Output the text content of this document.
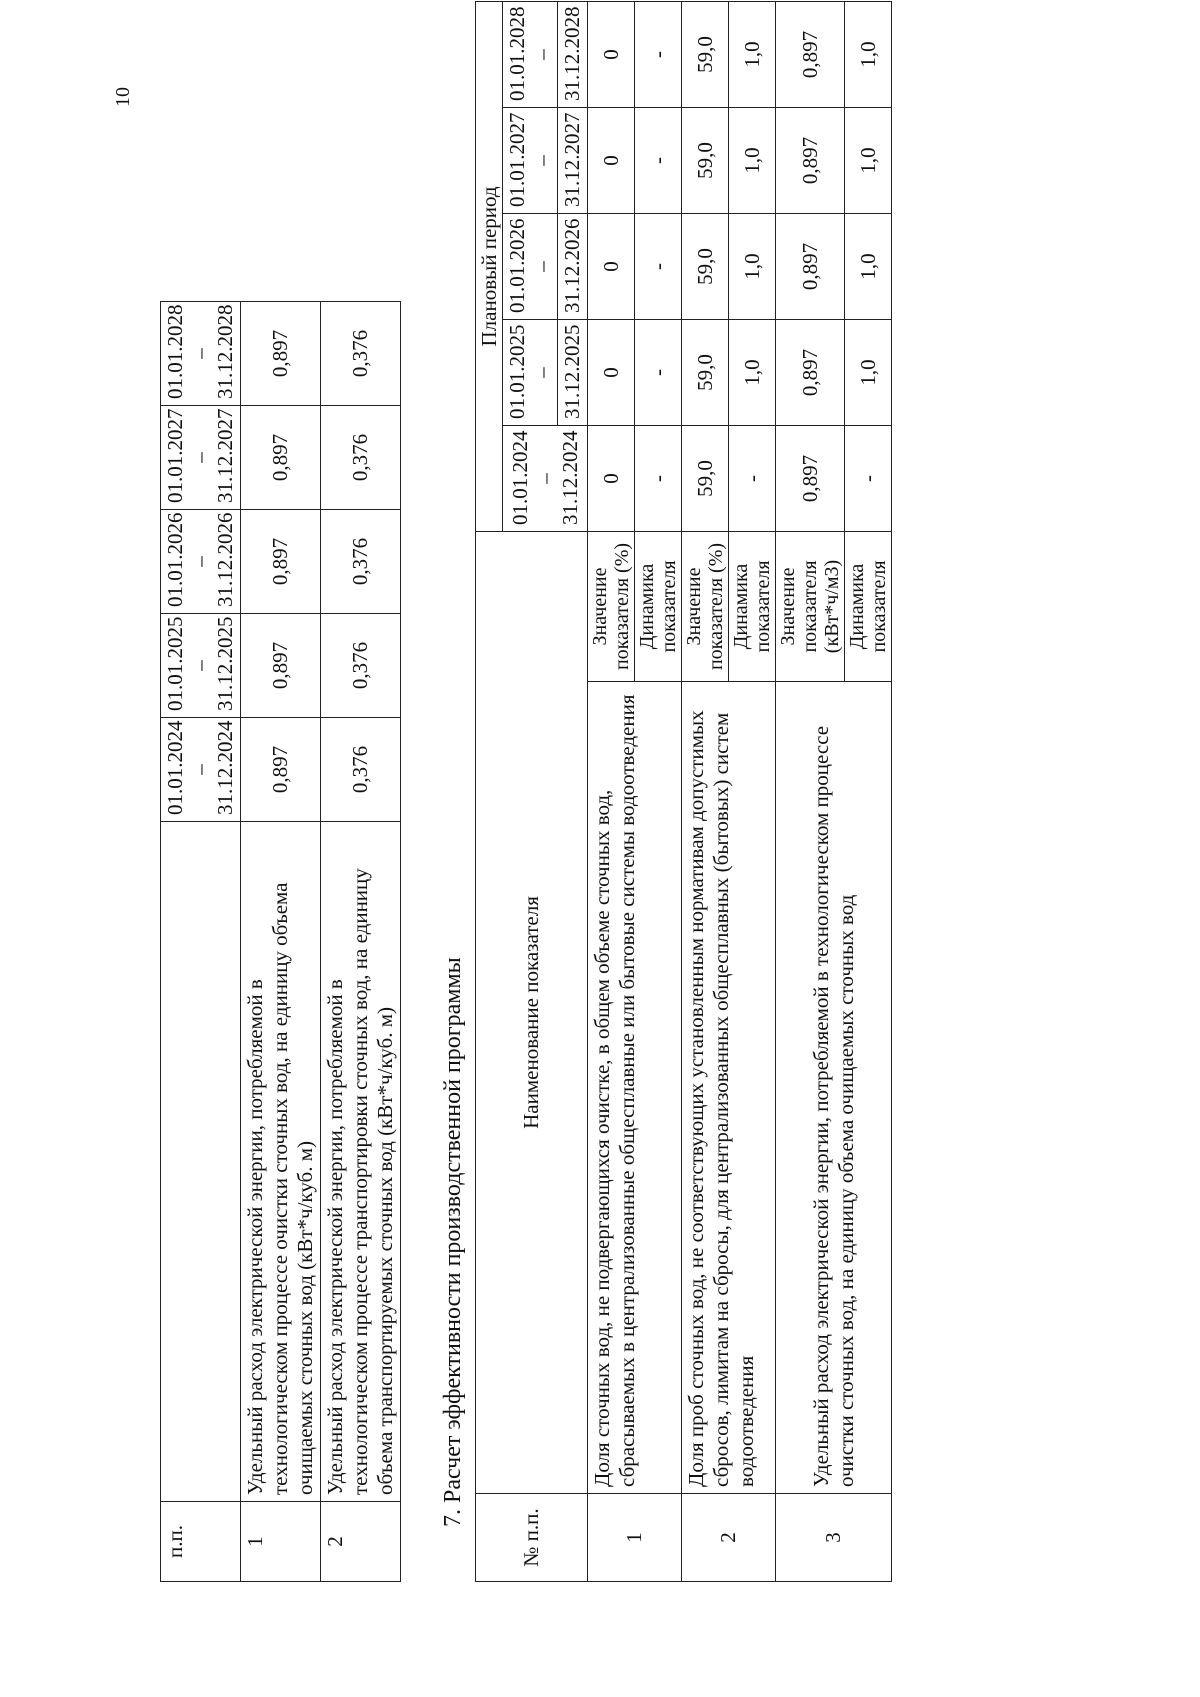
10
п.п.		01.01.2024 – 31.12.2024	01.01.2025 – 31.12.2025	01.01.2026 – 31.12.2026	01.01.2027 – 31.12.2027	01.01.2028 – 31.12.2028

1	Удельный расход электрической энергии, потребляемой в технологическом процессе очистки сточных вод, на единицу объема очищаемых сточных вод (кВт*ч/куб. м)	0,897	0,897	0,897	0,897	0,897
2	Удельный расход электрической энергии, потребляемой в технологическом процессе транспортировки сточных вод, на единицу объема транспортируемых сточных вод (кВт*ч/куб. м)	0,376	0,376	0,376	0,376	0,376
7. Расчет эффективности производственной программы
№ п.п.	Наименование показателя		Плановый период				

			01.01.2024 – 31.12.2024	01.01.2025 –	01.01.2026 –	01.01.2027 –	01.01.2028 –

				31.12.2025	31.12.2026	31.12.2027	31.12.2028
1	Доля сточных вод, не подвергающихся очистке, в общем объеме сточных вод, сбрасываемых в централизованные общесплавные или бытовые системы водоотведения	Значение показателя (%)	0	0	0	0	0
		Динамика показателя	-	-	-	-	-
2	Доля проб сточных вод, не соответствующих установленным нормативам допустимых сбросов, лимитам на сбросы, для централизованных общесплавных (бытовых) систем водоотведения	Значение показателя (%)	59,0	59,0	59,0	59,0	59,0
		Динамика показателя	-	1,0	1,0	1,0	1,0
3	Удельный расход электрической энергии, потребляемой в технологическом процессе очистки сточных вод, на единицу объема очищаемых сточных вод	Значение показателя (кВт*ч/м3)	0,897	0,897	0,897	0,897	0,897
		Динамика показателя	-	1,0	1,0	1,0	1,0
